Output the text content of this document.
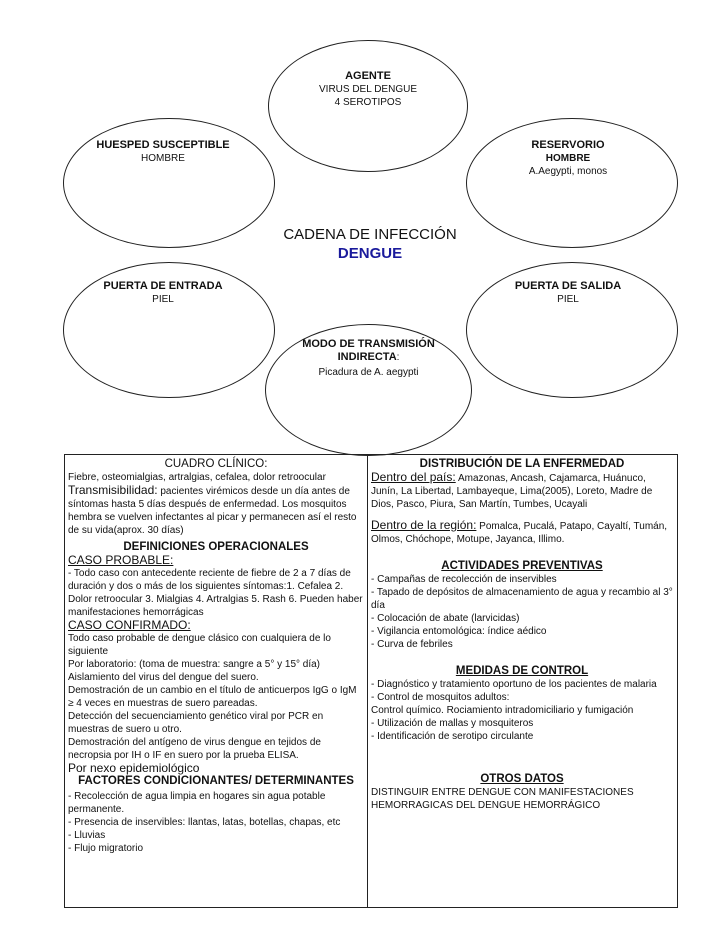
AGENTE
VIRUS DEL DENGUE
4 SEROTIPOS
HUESPED SUSCEPTIBLE
HOMBRE
RESERVORIO
HOMBRE
A.Aegypti, monos
CADENA DE INFECCIÓN
DENGUE
PUERTA DE ENTRADA
PIEL
PUERTA DE SALIDA
PIEL
MODO DE TRANSMISIÓN
INDIRECTA:
Picadura de A. aegypti
CUADRO CLÍNICO:

Fiebre, osteomialgias, artralgias, cefalea, dolor retroocular

Transmisibilidad: pacientes virémicos desde un día antes de síntomas hasta 5 días después de enfermedad. Los mosquitos hembra se vuelven infectantes al picar y permanecen así el resto de su vida(aprox. 30 días)

DEFINICIONES OPERACIONALES
CASO PROBABLE:

- Todo caso con antecedente reciente de fiebre de 2 a 7 días de duración y dos o más de los siguientes síntomas:1. Cefalea 2. Dolor retroocular 3. Mialgias 4. Artralgias 5. Rash 6. Pueden haber manifestaciones hemorrágicas

CASO CONFIRMADO:

Todo caso probable de dengue clásico con cualquiera de lo siguiente

Por laboratorio: (toma de muestra: sangre a 5° y 15° día) Aislamiento del virus del dengue del suero.

Demostración de un cambio en el título de anticuerpos IgG o IgM ≥ 4 veces en muestras de suero pareadas.

Detección del secuenciamiento genético viral por PCR en muestras de suero u otro.

Demostración del antígeno de virus dengue en tejidos de necropsia por IH o IF en suero por la prueba ELISA.

Por nexo epidemiológico
FACTORES CONDICIONANTES/ DETERMINANTES

- Recolección de agua limpia en hogares sin agua potable permanente.

- Presencia de inservibles: llantas, latas, botellas, chapas, etc

- Lluvias

- Flujo migratorio

DISTRIBUCIÓN DE LA ENFERMEDAD

Dentro del país: Amazonas, Ancash, Cajamarca, Huánuco, Junín, La Libertad, Lambayeque, Lima(2005), Loreto, Madre de Dios, Pasco, Piura, San Martín, Tumbes, Ucayali

Dentro de la región: Pomalca, Pucalá, Patapo, Cayaltí, Tumán, Olmos, Chóchope, Motupe, Jayanca, Illimo.

ACTIVIDADES PREVENTIVAS

- Campañas de recolección de inservibles

- Tapado de depósitos de almacenamiento de agua y recambio al 3° día

- Colocación de abate (larvicidas)

- Vigilancia entomológica: índice aédico

- Curva de febriles

MEDIDAS DE CONTROL

- Diagnóstico y tratamiento oportuno de los pacientes de malaria

- Control de mosquitos adultos:

Control químico. Rociamiento intradomiciliario y fumigación

- Utilización de mallas y mosquiteros

- Identificación de serotipo circulante

OTROS DATOS

DISTINGUIR ENTRE DENGUE CON MANIFESTACIONES HEMORRAGICAS DEL DENGUE HEMORRÁGICO
